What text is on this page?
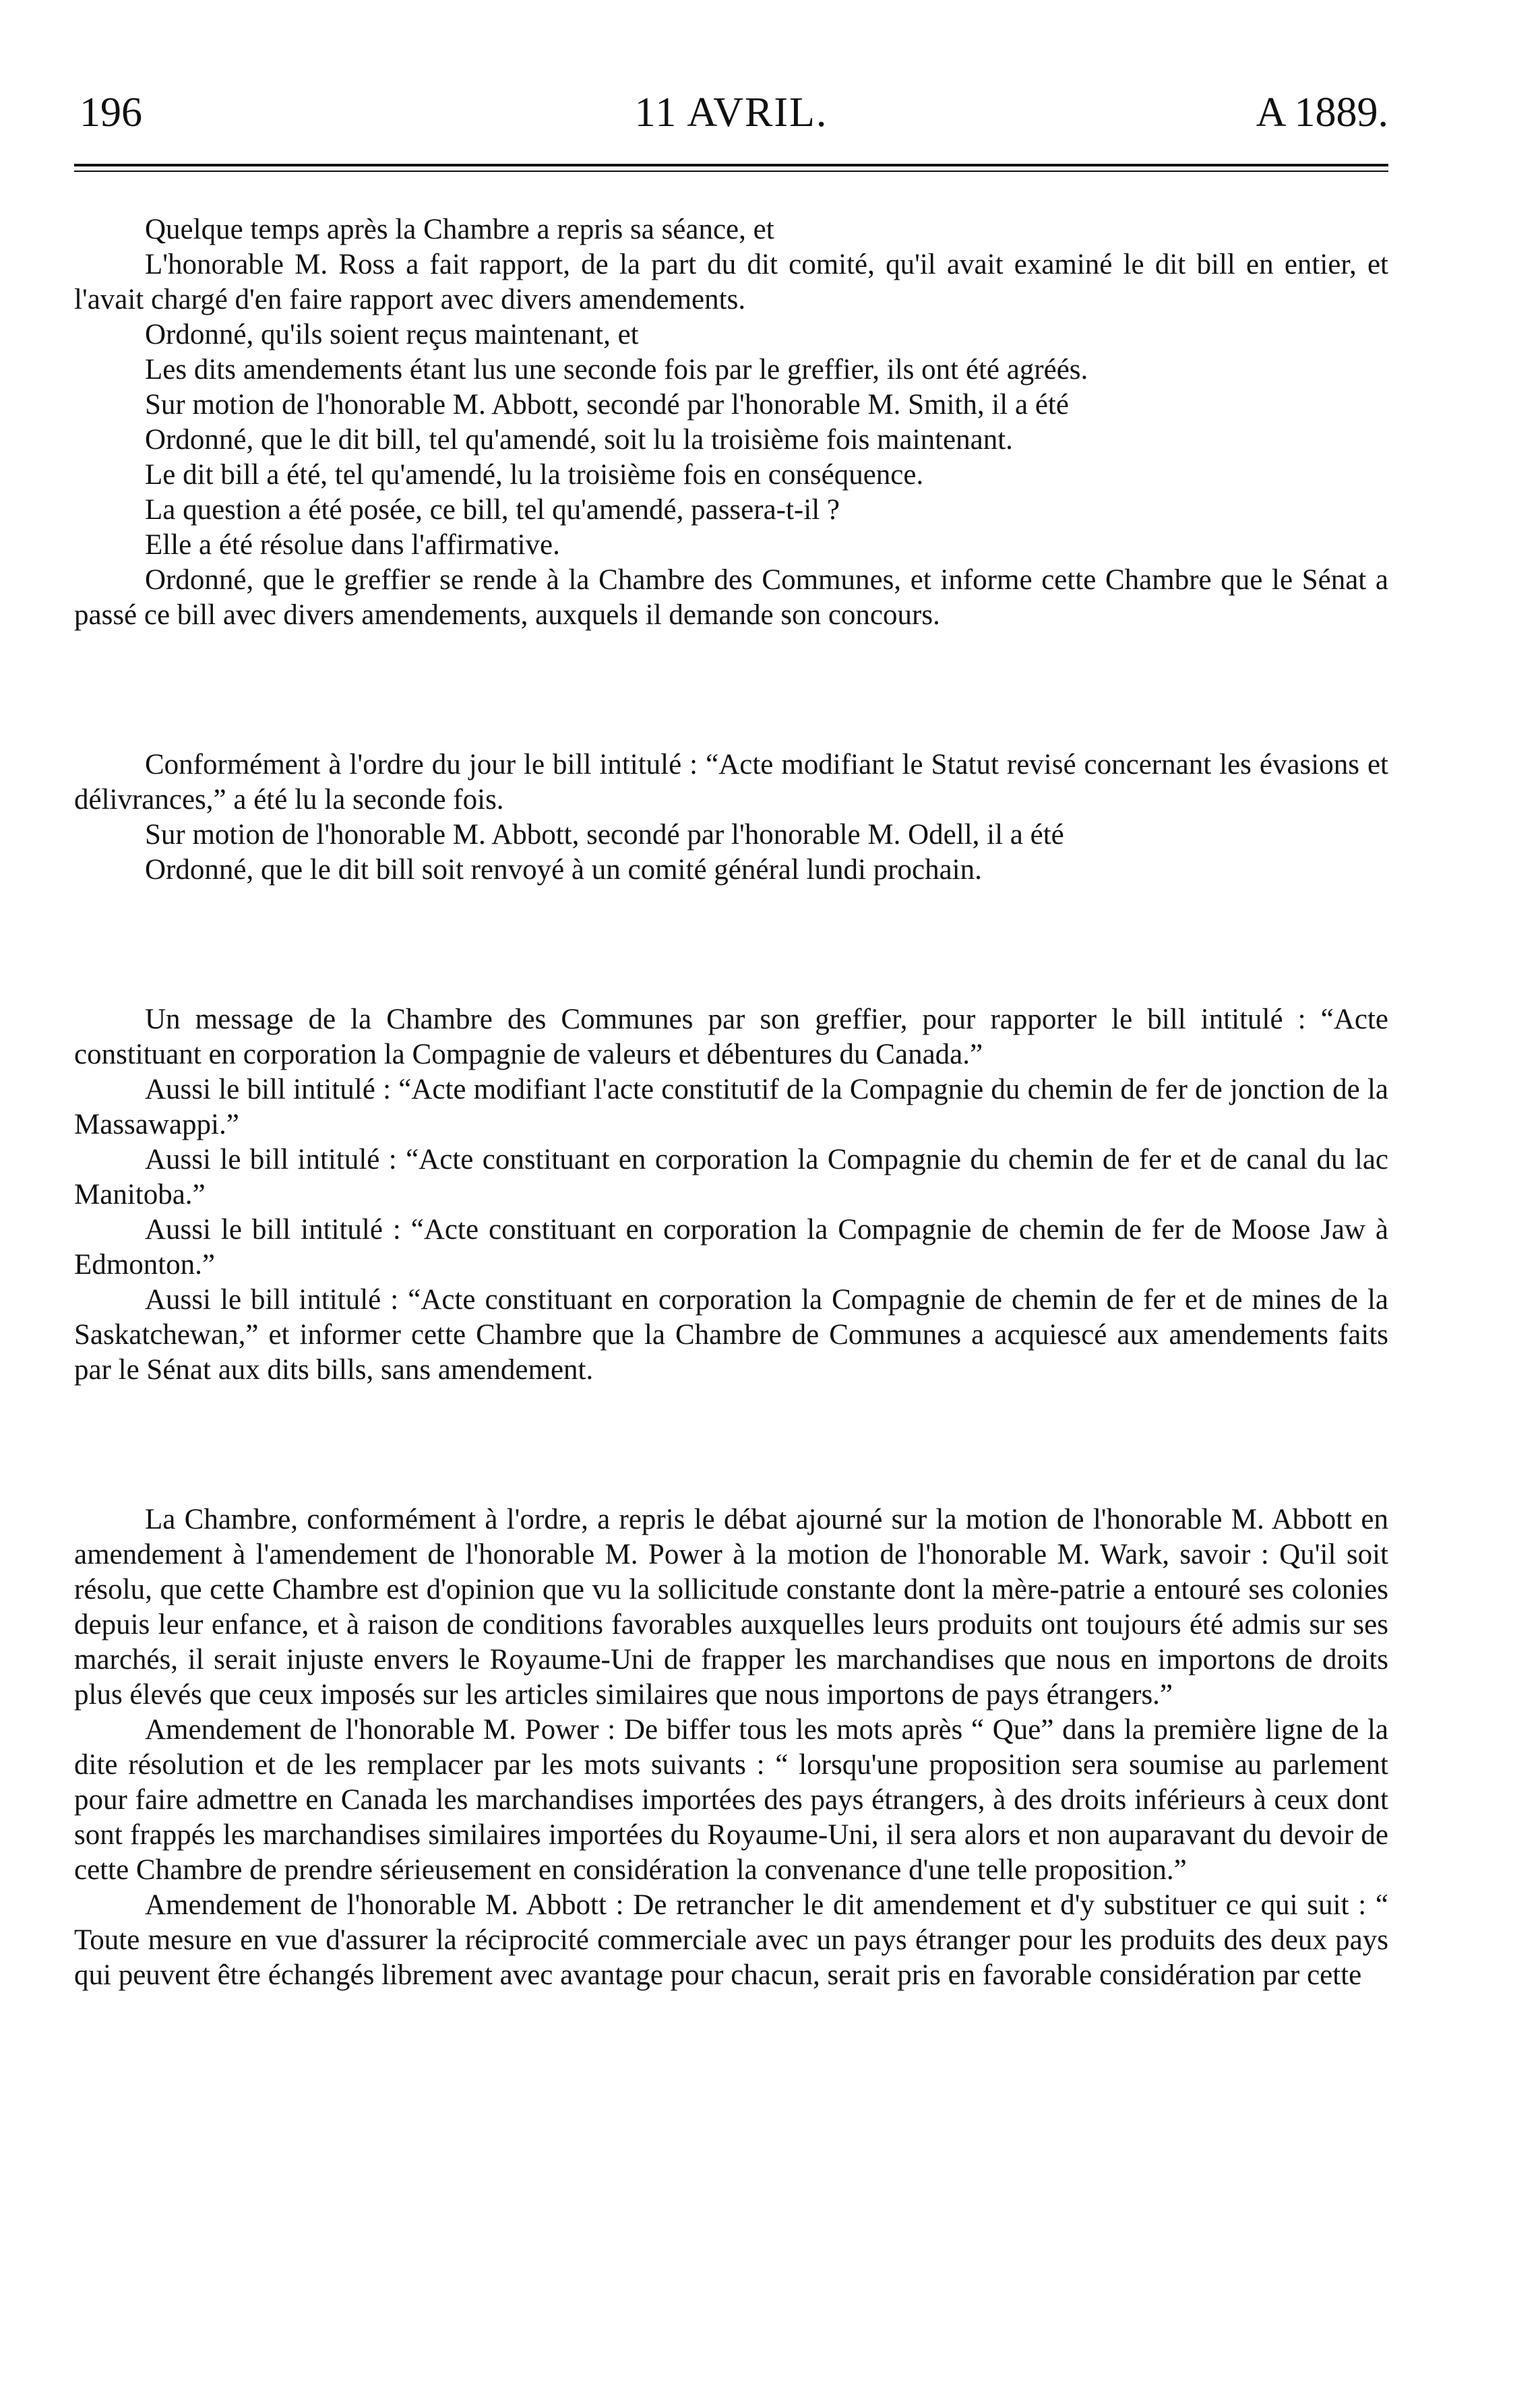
196	11 AVRIL.	A 1889.

Quelque temps après la Chambre a repris sa séance, et

L'honorable M. Ross a fait rapport, de la part du dit comité, qu'il avait examiné le dit bill en entier, et l'avait chargé d'en faire rapport avec divers amendements.

Ordonné, qu'ils soient reçus maintenant, et

Les dits amendements étant lus une seconde fois par le greffier, ils ont été agréés.

Sur motion de l'honorable M. Abbott, secondé par l'honorable M. Smith, il a été

Ordonné, que le dit bill, tel qu'amendé, soit lu la troisième fois maintenant.

Le dit bill a été, tel qu'amendé, lu la troisième fois en conséquence.

La question a été posée, ce bill, tel qu'amendé, passera-t-il ?

Elle a été résolue dans l'affirmative.

Ordonné, que le greffier se rende à la Chambre des Communes, et informe cette Chambre que le Sénat a passé ce bill avec divers amendements, auxquels il demande son concours.

Conformément à l'ordre du jour le bill intitulé : “Acte modifiant le Statut revisé concernant les évasions et délivrances,” a été lu la seconde fois.

Sur motion de l'honorable M. Abbott, secondé par l'honorable M. Odell, il a été

Ordonné, que le dit bill soit renvoyé à un comité général lundi prochain.

Un message de la Chambre des Communes par son greffier, pour rapporter le bill intitulé : “Acte constituant en corporation la Compagnie de valeurs et débentures du Canada.”

Aussi le bill intitulé : “Acte modifiant l'acte constitutif de la Compagnie du chemin de fer de jonction de la Massawappi.”

Aussi le bill intitulé : “Acte constituant en corporation la Compagnie du chemin de fer et de canal du lac Manitoba.”

Aussi le bill intitulé : “Acte constituant en corporation la Compagnie de chemin de fer de Moose Jaw à Edmonton.”

Aussi le bill intitulé : “Acte constituant en corporation la Compagnie de chemin de fer et de mines de la Saskatchewan,” et informer cette Chambre que la Chambre de Communes a acquiescé aux amendements faits par le Sénat aux dits bills, sans amendement.

La Chambre, conformément à l'ordre, a repris le débat ajourné sur la motion de l'honorable M. Abbott en amendement à l'amendement de l'honorable M. Power à la motion de l'honorable M. Wark, savoir : Qu'il soit résolu, que cette Chambre est d'opinion que vu la sollicitude constante dont la mère-patrie a entouré ses colonies depuis leur enfance, et à raison de conditions favorables auxquelles leurs produits ont toujours été admis sur ses marchés, il serait injuste envers le Royaume-Uni de frapper les marchandises que nous en importons de droits plus élevés que ceux imposés sur les articles similaires que nous importons de pays étrangers.”

Amendement de l'honorable M. Power : De biffer tous les mots après “ Que” dans la première ligne de la dite résolution et de les remplacer par les mots suivants : “ lorsqu'une proposition sera soumise au parlement pour faire admettre en Canada les marchandises importées des pays étrangers, à des droits inférieurs à ceux dont sont frappés les marchandises similaires importées du Royaume-Uni, il sera alors et non auparavant du devoir de cette Chambre de prendre sérieusement en considération la convenance d'une telle proposition.”

Amendement de l'honorable M. Abbott : De retrancher le dit amendement et d'y substituer ce qui suit : “ Toute mesure en vue d'assurer la réciprocité commerciale avec un pays étranger pour les produits des deux pays qui peuvent être échangés librement avec avantage pour chacun, serait pris en favorable considération par cette
